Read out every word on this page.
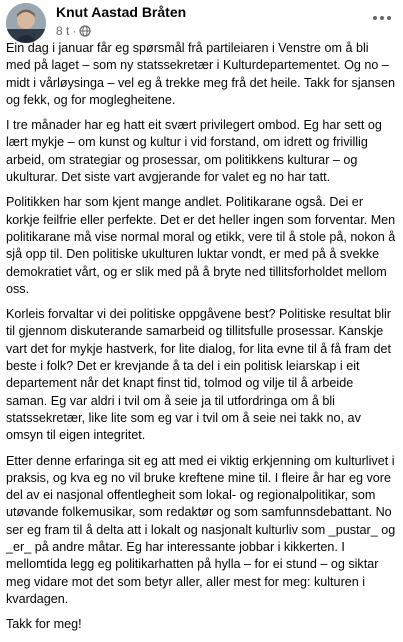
Knut Aastad Bråten
8 t ·

Ein dag i januar får eg spørsmål frå partileiaren i Venstre om å bli med på laget – som ny statssekretær i Kulturdepartementet. Og no – midt i vårløysinga – vel eg å trekke meg frå det heile. Takk for sjansen og fekk, og for moglegheitene.

I tre månader har eg hatt eit svært privilegert ombod. Eg har sett og lært mykje – om kunst og kultur i vid forstand, om idrett og frivillig arbeid, om strategiar og prosessar, om politikkens kulturar – og ukulturar. Det siste vart avgjerande for valet eg no har tatt.

Politikken har som kjent mange andlet. Politikarane også. Dei er korkje feilfrie eller perfekte. Det er det heller ingen som forventar. Men politikarane må vise normal moral og etikk, vere til å stole på, nokon å sjå opp til. Den politiske ukulturen luktar vondt, er med på å svekke demokratiet vårt, og er slik med på å bryte ned tillitsforholdet mellom oss.

Korleis forvaltar vi dei politiske oppgåvene best? Politiske resultat blir til gjennom diskuterande samarbeid og tillitsfulle prosessar. Kanskje vart det for mykje hastverk, for lite dialog, for lita evne til å få fram det beste i folk? Det er krevjande å ta del i ein politisk leiarskap i eit departement når det knapt finst tid, tolmod og vilje til å arbeide saman. Eg var aldri i tvil om å seie ja til utfordringa om å bli statssekretær, like lite som eg var i tvil om å seie nei takk no, av omsyn til eigen integritet.

Etter denne erfaringa sit eg att med ei viktig erkjenning om kulturlivet i praksis, og kva eg no vil bruke kreftene mine til. I fleire år har eg vore del av ei nasjonal offentlegheit som lokal- og regionalpolitikar, som utøvande folkemusikar, som redaktør og som samfunnsdebattant. No ser eg fram til å delta att i lokalt og nasjonalt kulturliv som _pustar_ og _er_ på andre måtar. Eg har interessante jobbar i kikkerten. I mellomtida legg eg politikarhatten på hylla – for ei stund – og siktar meg vidare mot det som betyr aller, aller mest for meg: kulturen i kvardagen.

Takk for meg!
